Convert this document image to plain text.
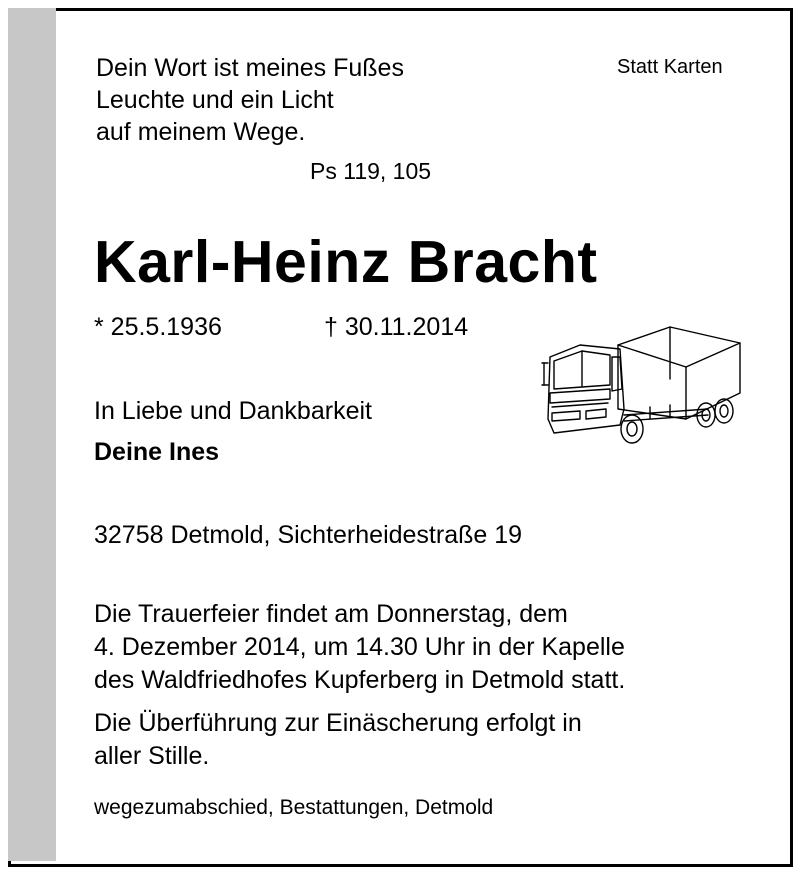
Dein Wort ist meines Fußes
Leuchte und ein Licht
auf meinem Wege.
Statt Karten
Ps 119, 105
Karl-Heinz Bracht
* 25.5.1936	† 30.11.2014
In Liebe und Dankbarkeit
Deine Ines
32758 Detmold, Sichterheidestraße 19
Die Trauerfeier findet am Donnerstag, dem
4. Dezember 2014, um 14.30 Uhr in der Kapelle
des Waldfriedhofes Kupferberg in Detmold statt.
Die Überführung zur Einäscherung erfolgt in
aller Stille.
wegezumabschied, Bestattungen, Detmold
